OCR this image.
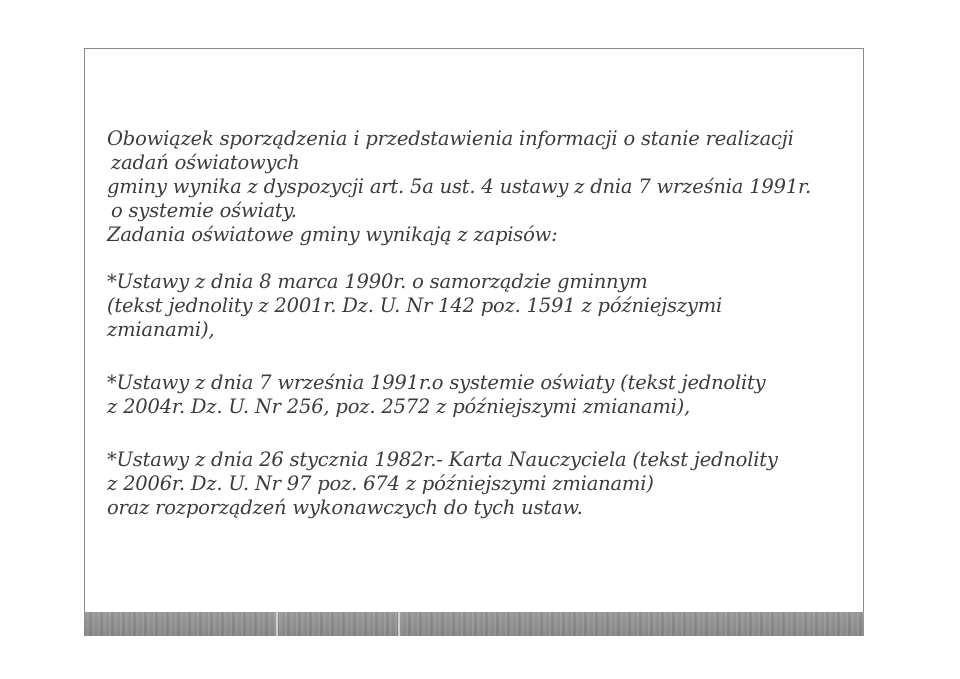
Obowiązek sporządzenia i przedstawienia informacji o stanie realizacji
zadań oświatowych
gminy wynika z dyspozycji art. 5a ust. 4 ustawy z dnia 7 września 1991r.
o systemie oświaty.
Zadania oświatowe gminy wynikają z zapisów:
*Ustawy z dnia 8 marca 1990r. o samorządzie gminnym
(tekst jednolity z 2001r. Dz. U. Nr 142 poz. 1591 z późniejszymi
zmianami),
*Ustawy z dnia 7 września 1991r.o systemie oświaty (tekst jednolity
z 2004r. Dz. U. Nr 256, poz. 2572 z późniejszymi zmianami),
*Ustawy z dnia 26 stycznia 1982r.- Karta Nauczyciela (tekst jednolity
z 2006r. Dz. U. Nr 97 poz. 674 z późniejszymi zmianami)
oraz rozporządzeń wykonawczych do tych ustaw.
